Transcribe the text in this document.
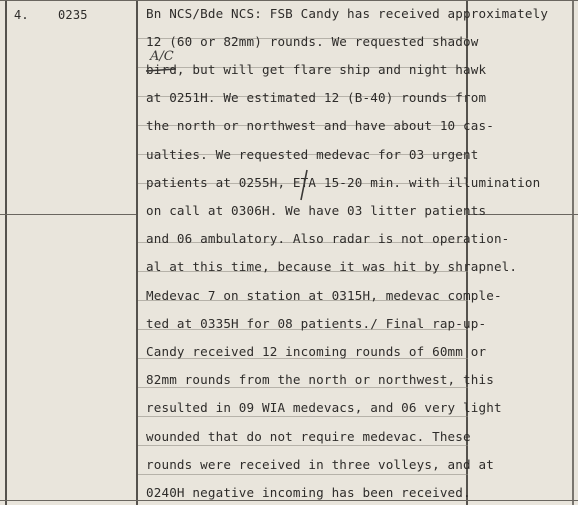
4. 0235	Bn NCS/Bde NCS: FSB Candy has received approximately
12 (60 or 82mm) rounds. We requested shadow
bird, but will get flare ship and night hawk
at 0251H. We estimated 12 (B-40) rounds from
the north or northwest and have about 10 cas-
ualties. We requested medevac for 03 urgent
patients at 0255H, ETA 15-20 min. with illumination
on call at 0306H. We have 03 litter patients
and 06 ambulatory. Also radar is not operation-
al at this time, because it was hit by shrapnel.
Medevac 7 on station at 0315H, medevac comple-
ted at 0335H for 08 patients./ Final rap-up-
Candy received 12 incoming rounds of 60mm or
82mm rounds from the north or northwest, this
resulted in 09 WIA medevacs, and 06 very light
wounded that do not require medevac. These
rounds were received in three volleys, and at
0240H negative incoming has been received.
A/C
